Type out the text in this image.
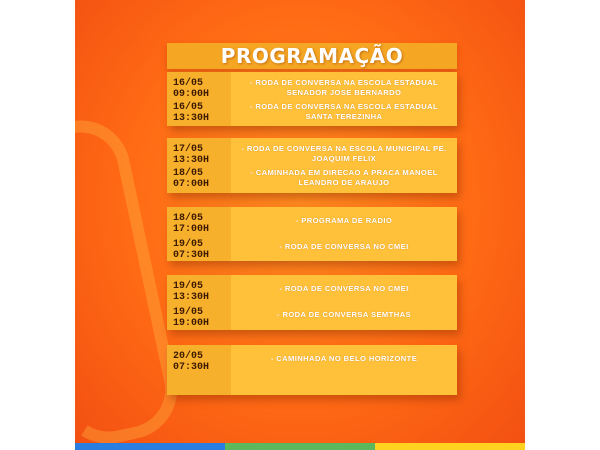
PROGRAMAÇÃO
16/05
09:00H
- RODA DE CONVERSA NA ESCOLA ESTADUAL SENADOR JOSE BERNARDO
16/05
13:30H
- RODA DE CONVERSA NA ESCOLA ESTADUAL SANTA TEREZINHA
17/05
13:30H
- RODA DE CONVERSA NA ESCOLA MUNICIPAL PE. JOAQUIM FELIX
18/05
07:00H
- CAMINHADA EM DIRECAO A PRACA MANOEL LEANDRO DE ARAUJO
18/05
17:00H
- PROGRAMA DE RADIO
19/05
07:30H
- RODA DE CONVERSA NO CMEI
19/05
13:30H
- RODA DE CONVERSA NO CMEI
19/05
19:00H
- RODA DE CONVERSA SEMTHAS
20/05
07:30H
- CAMINHADA NO BELO HORIZONTE
